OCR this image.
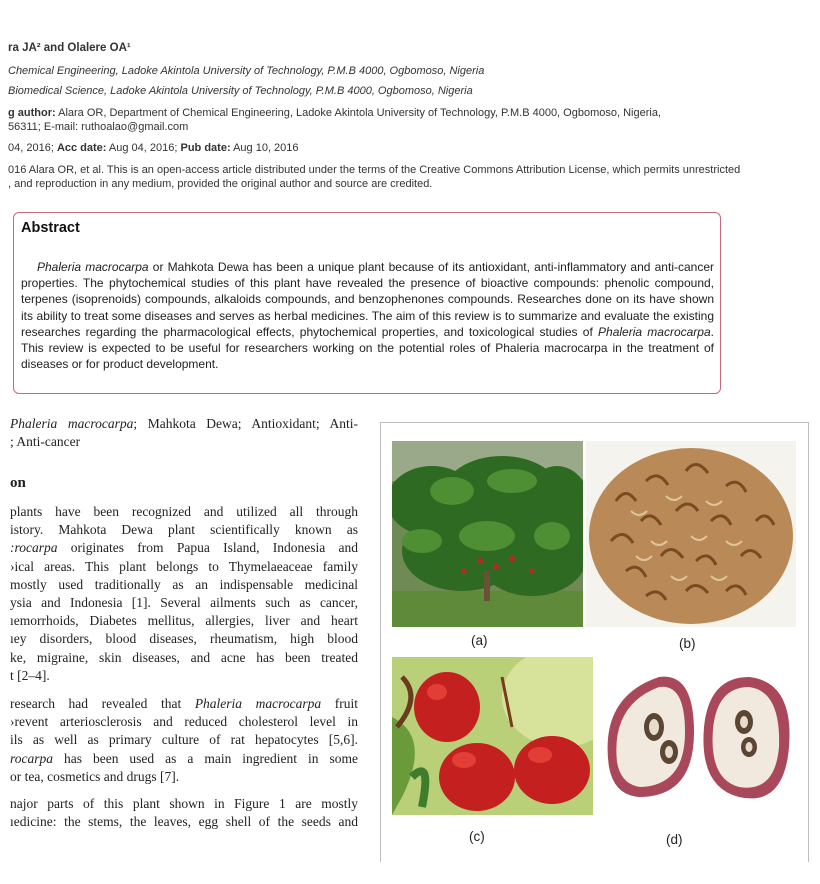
ra JA² and Olalere OA¹
Chemical Engineering, Ladoke Akintola University of Technology, P.M.B 4000, Ogbomoso, Nigeria
Biomedical Science, Ladoke Akintola University of Technology, P.M.B 4000, Ogbomoso, Nigeria
g author: Alara OR, Department of Chemical Engineering, Ladoke Akintola University of Technology, P.M.B 4000, Ogbomoso, Nigeria,
56311; E-mail: ruthoalao@gmail.com
04, 2016; Acc date: Aug 04, 2016; Pub date: Aug 10, 2016
016 Alara OR, et al. This is an open-access article distributed under the terms of the Creative Commons Attribution License, which permits unrestricted
, and reproduction in any medium, provided the original author and source are credited.
Abstract

Phaleria macrocarpa or Mahkota Dewa has been a unique plant because of its antioxidant, anti-inflammatory and anti-cancer properties. The phytochemical studies of this plant have revealed the presence of bioactive compounds: phenolic compound, terpenes (isoprenoids) compounds, alkaloids compounds, and benzophenones compounds. Researches done on its have shown its ability to treat some diseases and serves as herbal medicines. The aim of this review is to summarize and evaluate the existing researches regarding the pharmacological effects, phytochemical properties, and toxicological studies of Phaleria macrocarpa. This review is expected to be useful for researchers working on the potential roles of Phaleria macrocarpa in the treatment of diseases or for product development.

Phaleria macrocarpa; Mahkota Dewa; Antioxidant; Anti-
; Anti-cancer
on
plants have been recognized and utilized all through
istory. Mahkota Dewa plant scientifically known as
:rocarpa originates from Papua Island, Indonesia and
›ical areas. This plant belongs to Thymelaeaceae family
mostly used traditionally as an indispensable medicinal
ysia and Indonesia [1]. Several ailments such as cancer,
ıemorrhoids, Diabetes mellitus, allergies, liver and heart
ıey disorders, blood diseases, rheumatism, high blood
ke, migraine, skin diseases, and acne has been treated
t [2–4].
research had revealed that Phaleria macrocarpa fruit
›revent arteriosclerosis and reduced cholesterol level in
ils as well as primary culture of rat hepatocytes [5,6].
rocarpa has been used as a main ingredient in some
or tea, cosmetics and drugs [7].
najor parts of this plant shown in Figure 1 are mostly
ıedicine: the stems, the leaves, egg shell of the seeds and
(a)	(b)
(c)	(d)
